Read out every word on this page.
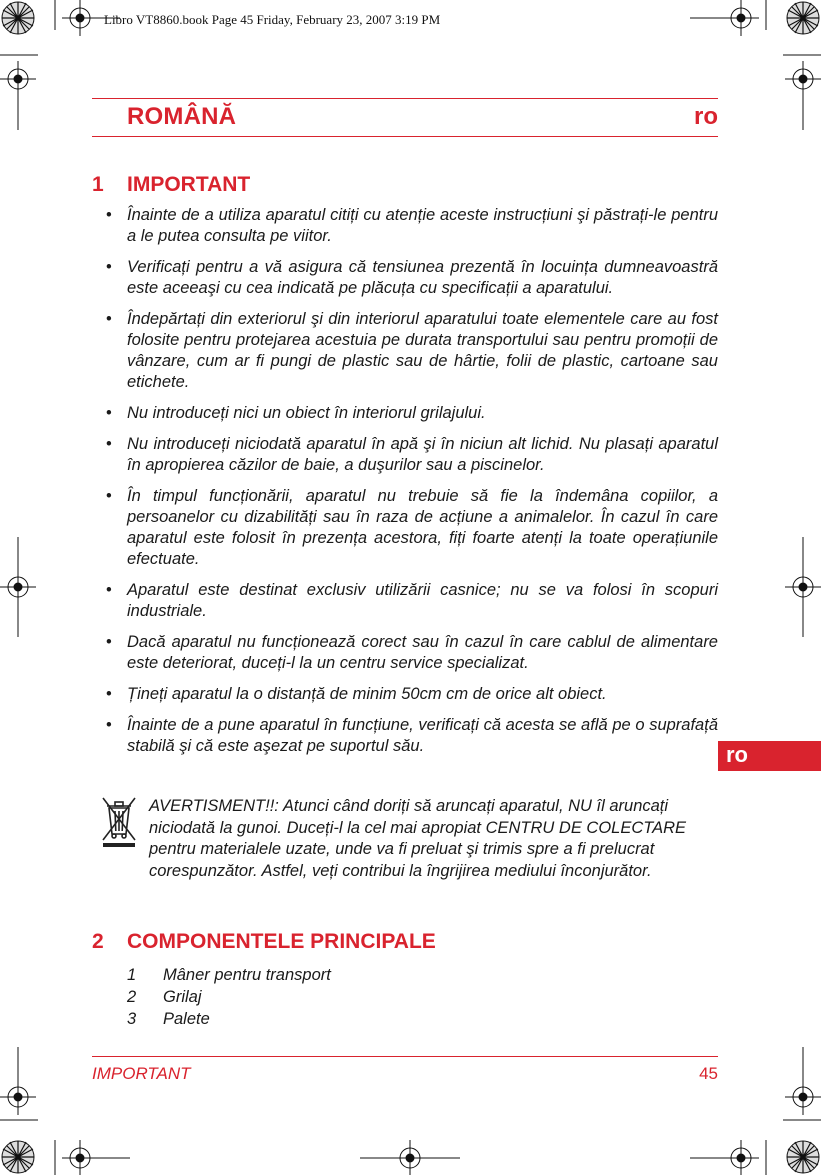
Libro VT8860.book Page 45 Friday, February 23, 2007 3:19 PM
ROMÂNĂ	ro
1 IMPORTANT
• Înainte de a utiliza aparatul citiți cu atenție aceste instrucțiuni şi păstrați-le pentru a le putea consulta pe viitor.
• Verificați pentru a vă asigura că tensiunea prezentă în locuința dumneavoastră este aceeaşi cu cea indicată pe plăcuța cu specificații a aparatului.
• Îndepărtați din exteriorul şi din interiorul aparatului toate elementele care au fost folosite pentru protejarea acestuia pe durata transportului sau pentru promoții de vânzare, cum ar fi pungi de plastic sau de hârtie, folii de plastic, cartoane sau etichete.
• Nu introduceți nici un obiect în interiorul grilajului.
• Nu introduceți niciodată aparatul în apă şi în niciun alt lichid. Nu plasați aparatul în apropierea căzilor de baie, a duşurilor sau a piscinelor.
• În timpul funcționării, aparatul nu trebuie să fie la îndemâna copiilor, a persoanelor cu dizabilități sau în raza de acțiune a animalelor. În cazul în care aparatul este folosit în prezența acestora, fiți foarte atenți la toate operațiunile efectuate.
• Aparatul este destinat exclusiv utilizării casnice; nu se va folosi în scopuri industriale.
• Dacă aparatul nu funcționează corect sau în cazul în care cablul de alimentare este deteriorat, duceți-l la un centru service specializat.
• Țineți aparatul la o distanță de minim 50cm cm de orice alt obiect.
• Înainte de a pune aparatul în funcțiune, verificați că acesta se află pe o suprafață stabilă şi că este aşezat pe suportul său.
AVERTISMENT!!: Atunci când doriți să aruncați aparatul, NU îl aruncați niciodată la gunoi. Duceți-l la cel mai apropiat CENTRU DE COLECTARE pentru materialele uzate, unde va fi preluat şi trimis spre a fi prelucrat corespunzător. Astfel, veți contribui la îngrijirea mediului înconjurător.
2 COMPONENTELE PRINCIPALE
1 Mâner pentru transport
2 Grilaj
3 Palete
IMPORTANT	45
ro
